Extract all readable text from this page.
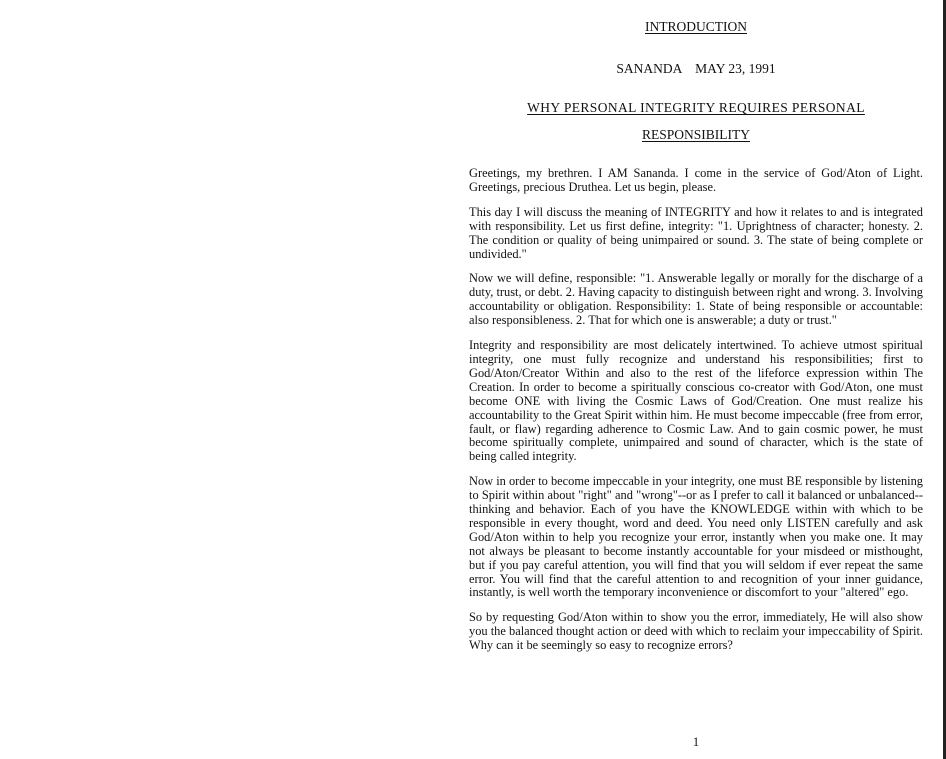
INTRODUCTION
SANANDA    MAY 23, 1991
WHY PERSONAL INTEGRITY REQUIRES PERSONAL
RESPONSIBILITY

Greetings, my brethren. I AM Sananda. I come in the service of God/Aton of Light. Greetings, precious Druthea. Let us begin, please.

This day I will discuss the meaning of INTEGRITY and how it relates to and is integrated with responsibility. Let us first define, integrity: "1. Uprightness of character; honesty. 2. The condition or quality of being unimpaired or sound. 3. The state of being complete or undivided."

Now we will define, responsible: "1. Answerable legally or morally for the discharge of a duty, trust, or debt. 2. Having capacity to distinguish between right and wrong. 3. Involving accountability or obligation. Responsibility: 1. State of being responsible or accountable: also responsibleness. 2. That for which one is answerable; a duty or trust."

Integrity and responsibility are most delicately intertwined. To achieve utmost spiritual integrity, one must fully recognize and understand his responsibilities; first to God/Aton/Creator Within and also to the rest of the lifeforce expression within The Creation. In order to become a spiritually conscious co-creator with God/Aton, one must become ONE with living the Cosmic Laws of God/Creation. One must realize his accountability to the Great Spirit within him. He must become impeccable (free from error, fault, or flaw) regarding adherence to Cosmic Law. And to gain cosmic power, he must become spiritually complete, unimpaired and sound of character, which is the state of being called integrity.

Now in order to become impeccable in your integrity, one must BE responsible by listening to Spirit within about "right" and "wrong"--or as I prefer to call it balanced or unbalanced--thinking and behavior. Each of you have the KNOWLEDGE within with which to be responsible in every thought, word and deed. You need only LISTEN carefully and ask God/Aton within to help you recognize your error, instantly when you make one. It may not always be pleasant to become instantly accountable for your misdeed or misthought, but if you pay careful attention, you will find that you will seldom if ever repeat the same error. You will find that the careful attention to and recognition of your inner guidance, instantly, is well worth the temporary inconvenience or discomfort to your "altered" ego.

So by requesting God/Aton within to show you the error, immediately, He will also show you the balanced thought action or deed with which to reclaim your impeccability of Spirit. Why can it be seemingly so easy to recognize errors?

1
